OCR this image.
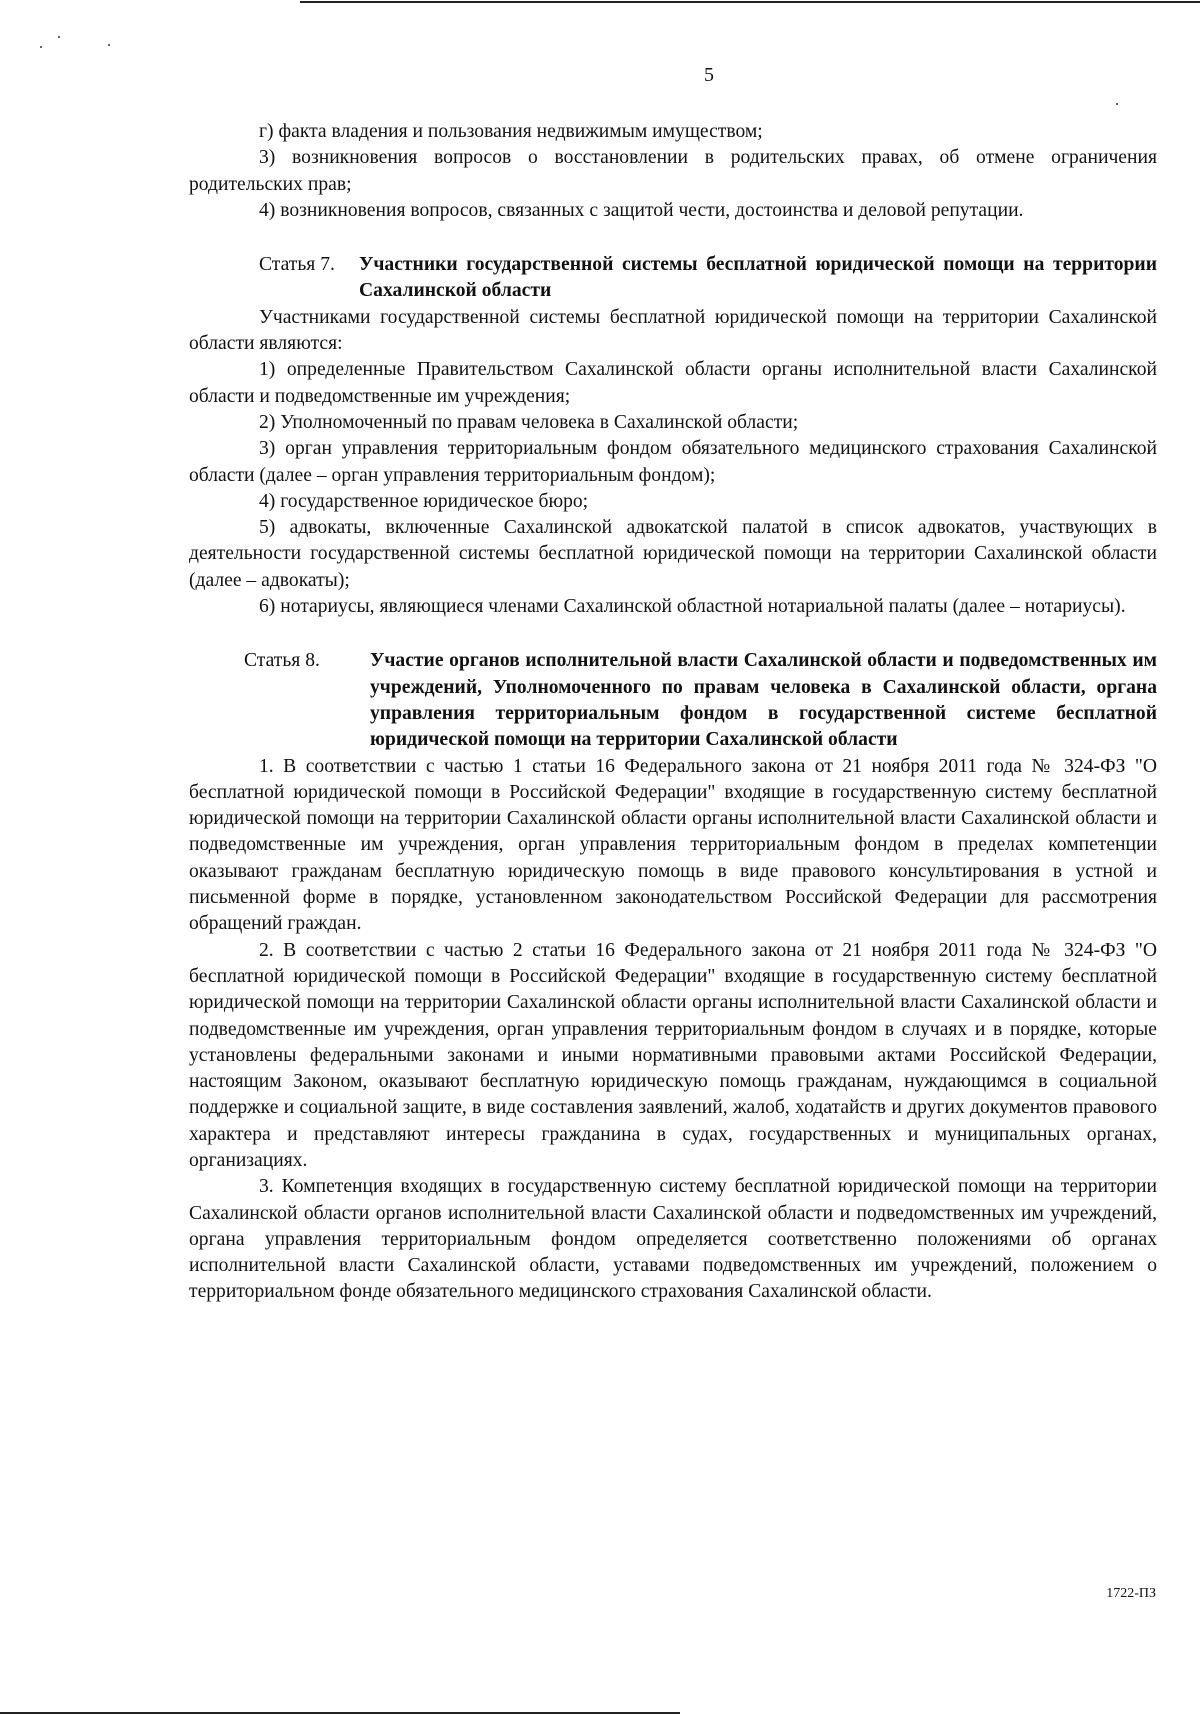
5

г) факта владения и пользования недвижимым имуществом;

3) возникновения вопросов о восстановлении в родительских правах, об отмене ограничения родительских прав;

4) возникновения вопросов, связанных с защитой чести, достоинства и деловой репутации.

Статья 7. Участники государственной системы бесплатной юридической помощи на территории Сахалинской области

Участниками государственной системы бесплатной юридической помощи на территории Сахалинской области являются:

1) определенные Правительством Сахалинской области органы исполнительной власти Сахалинской области и подведомственные им учреждения;

2) Уполномоченный по правам человека в Сахалинской области;

3) орган управления территориальным фондом обязательного медицинского страхования Сахалинской области (далее – орган управления территориальным фондом);

4) государственное юридическое бюро;

5) адвокаты, включенные Сахалинской адвокатской палатой в список адвокатов, участвующих в деятельности государственной системы бесплатной юридической помощи на территории Сахалинской области (далее – адвокаты);

6) нотариусы, являющиеся членами Сахалинской областной нотариальной палаты (далее – нотариусы).

Статья 8.	Участие органов исполнительной власти Сахалинской области и подведомственных им учреждений, Уполномоченного по правам человека в Сахалинской области, органа управления территориальным фондом в государственной системе бесплатной юридической помощи на территории Сахалинской области

1. В соответствии с частью 1 статьи 16 Федерального закона от 21 ноября 2011 года № 324-ФЗ "О бесплатной юридической помощи в Российской Федерации" входящие в государственную систему бесплатной юридической помощи на территории Сахалинской области органы исполнительной власти Сахалинской области и подведомственные им учреждения, орган управления территориальным фондом в пределах компетенции оказывают гражданам бесплатную юридическую помощь в виде правового консультирования в устной и письменной форме в порядке, установленном законодательством Российской Федерации для рассмотрения обращений граждан.

2. В соответствии с частью 2 статьи 16 Федерального закона от 21 ноября 2011 года № 324-ФЗ "О бесплатной юридической помощи в Российской Федерации" входящие в государственную систему бесплатной юридической помощи на территории Сахалинской области органы исполнительной власти Сахалинской области и подведомственные им учреждения, орган управления территориальным фондом в случаях и в порядке, которые установлены федеральными законами и иными нормативными правовыми актами Российской Федерации, настоящим Законом, оказывают бесплатную юридическую помощь гражданам, нуждающимся в социальной поддержке и социальной защите, в виде составления заявлений, жалоб, ходатайств и других документов правового характера и представляют интересы гражданина в судах, государственных и муниципальных органах, организациях.

3. Компетенция входящих в государственную систему бесплатной юридической помощи на территории Сахалинской области органов исполнительной власти Сахалинской области и подведомственных им учреждений, органа управления территориальным фондом определяется соответственно положениями об органах исполнительной власти Сахалинской области, уставами подведомственных им учреждений, положением о территориальном фонде обязательного медицинского страхования Сахалинской области.

1722-ПЗ
